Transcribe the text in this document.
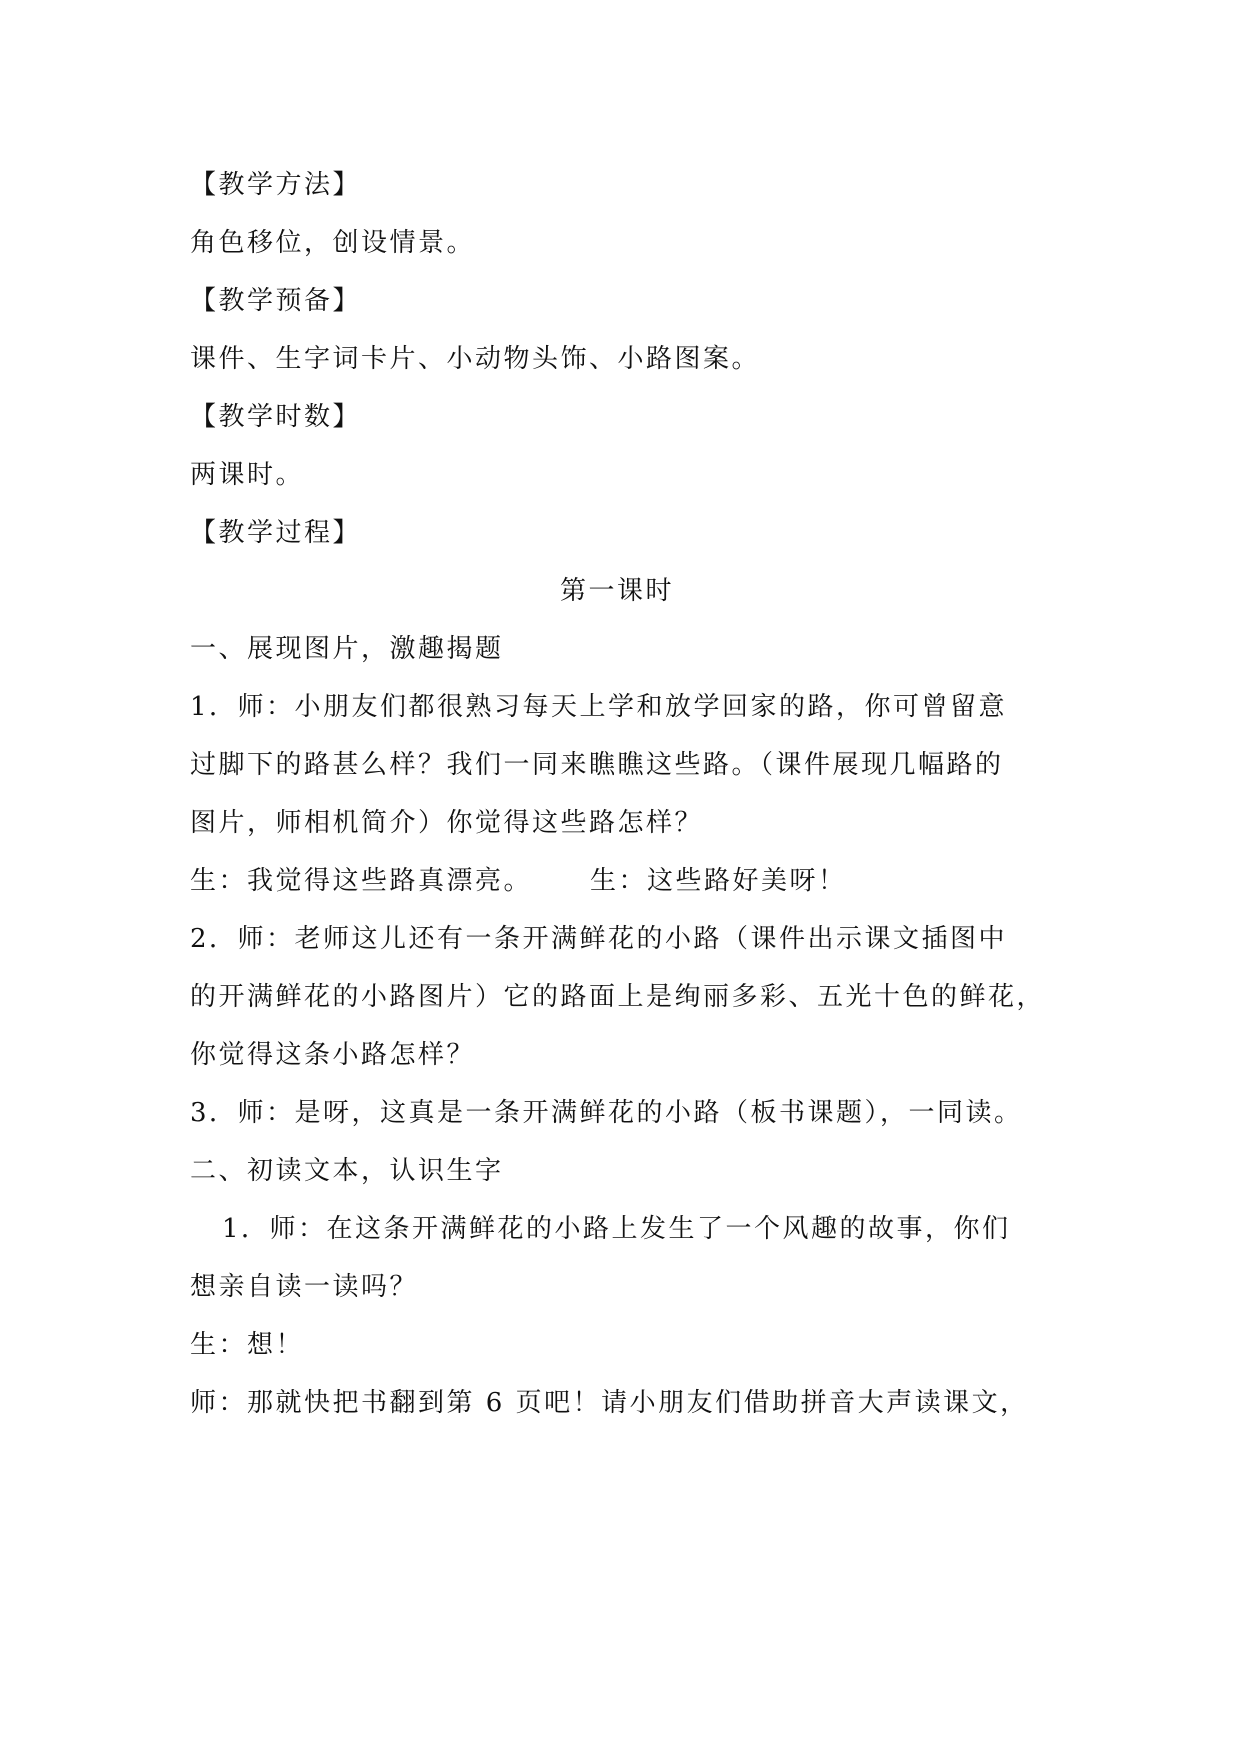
【教学方法】
角色移位，创设情景。
【教学预备】
课件、生字词卡片、小动物头饰、小路图案。
【教学时数】
两课时。
【教学过程】
第一课时
一、展现图片，激趣揭题
1．师：小朋友们都很熟习每天上学和放学回家的路，你可曾留意
过脚下的路甚么样？我们一同来瞧瞧这些路。（课件展现几幅路的
图片，师相机简介）你觉得这些路怎样？
生：我觉得这些路真漂亮。 生：这些路好美呀！
2．师：老师这儿还有一条开满鲜花的小路（课件出示课文插图中
的开满鲜花的小路图片）它的路面上是绚丽多彩、五光十色的鲜花，
你觉得这条小路怎样？
3．师：是呀，这真是一条开满鲜花的小路（板书课题），一同读。
二、初读文本，认识生字
1．师：在这条开满鲜花的小路上发生了一个风趣的故事，你们
想亲自读一读吗？
生：想！
师：那就快把书翻到第 6 页吧！请小朋友们借助拼音大声读课文，
